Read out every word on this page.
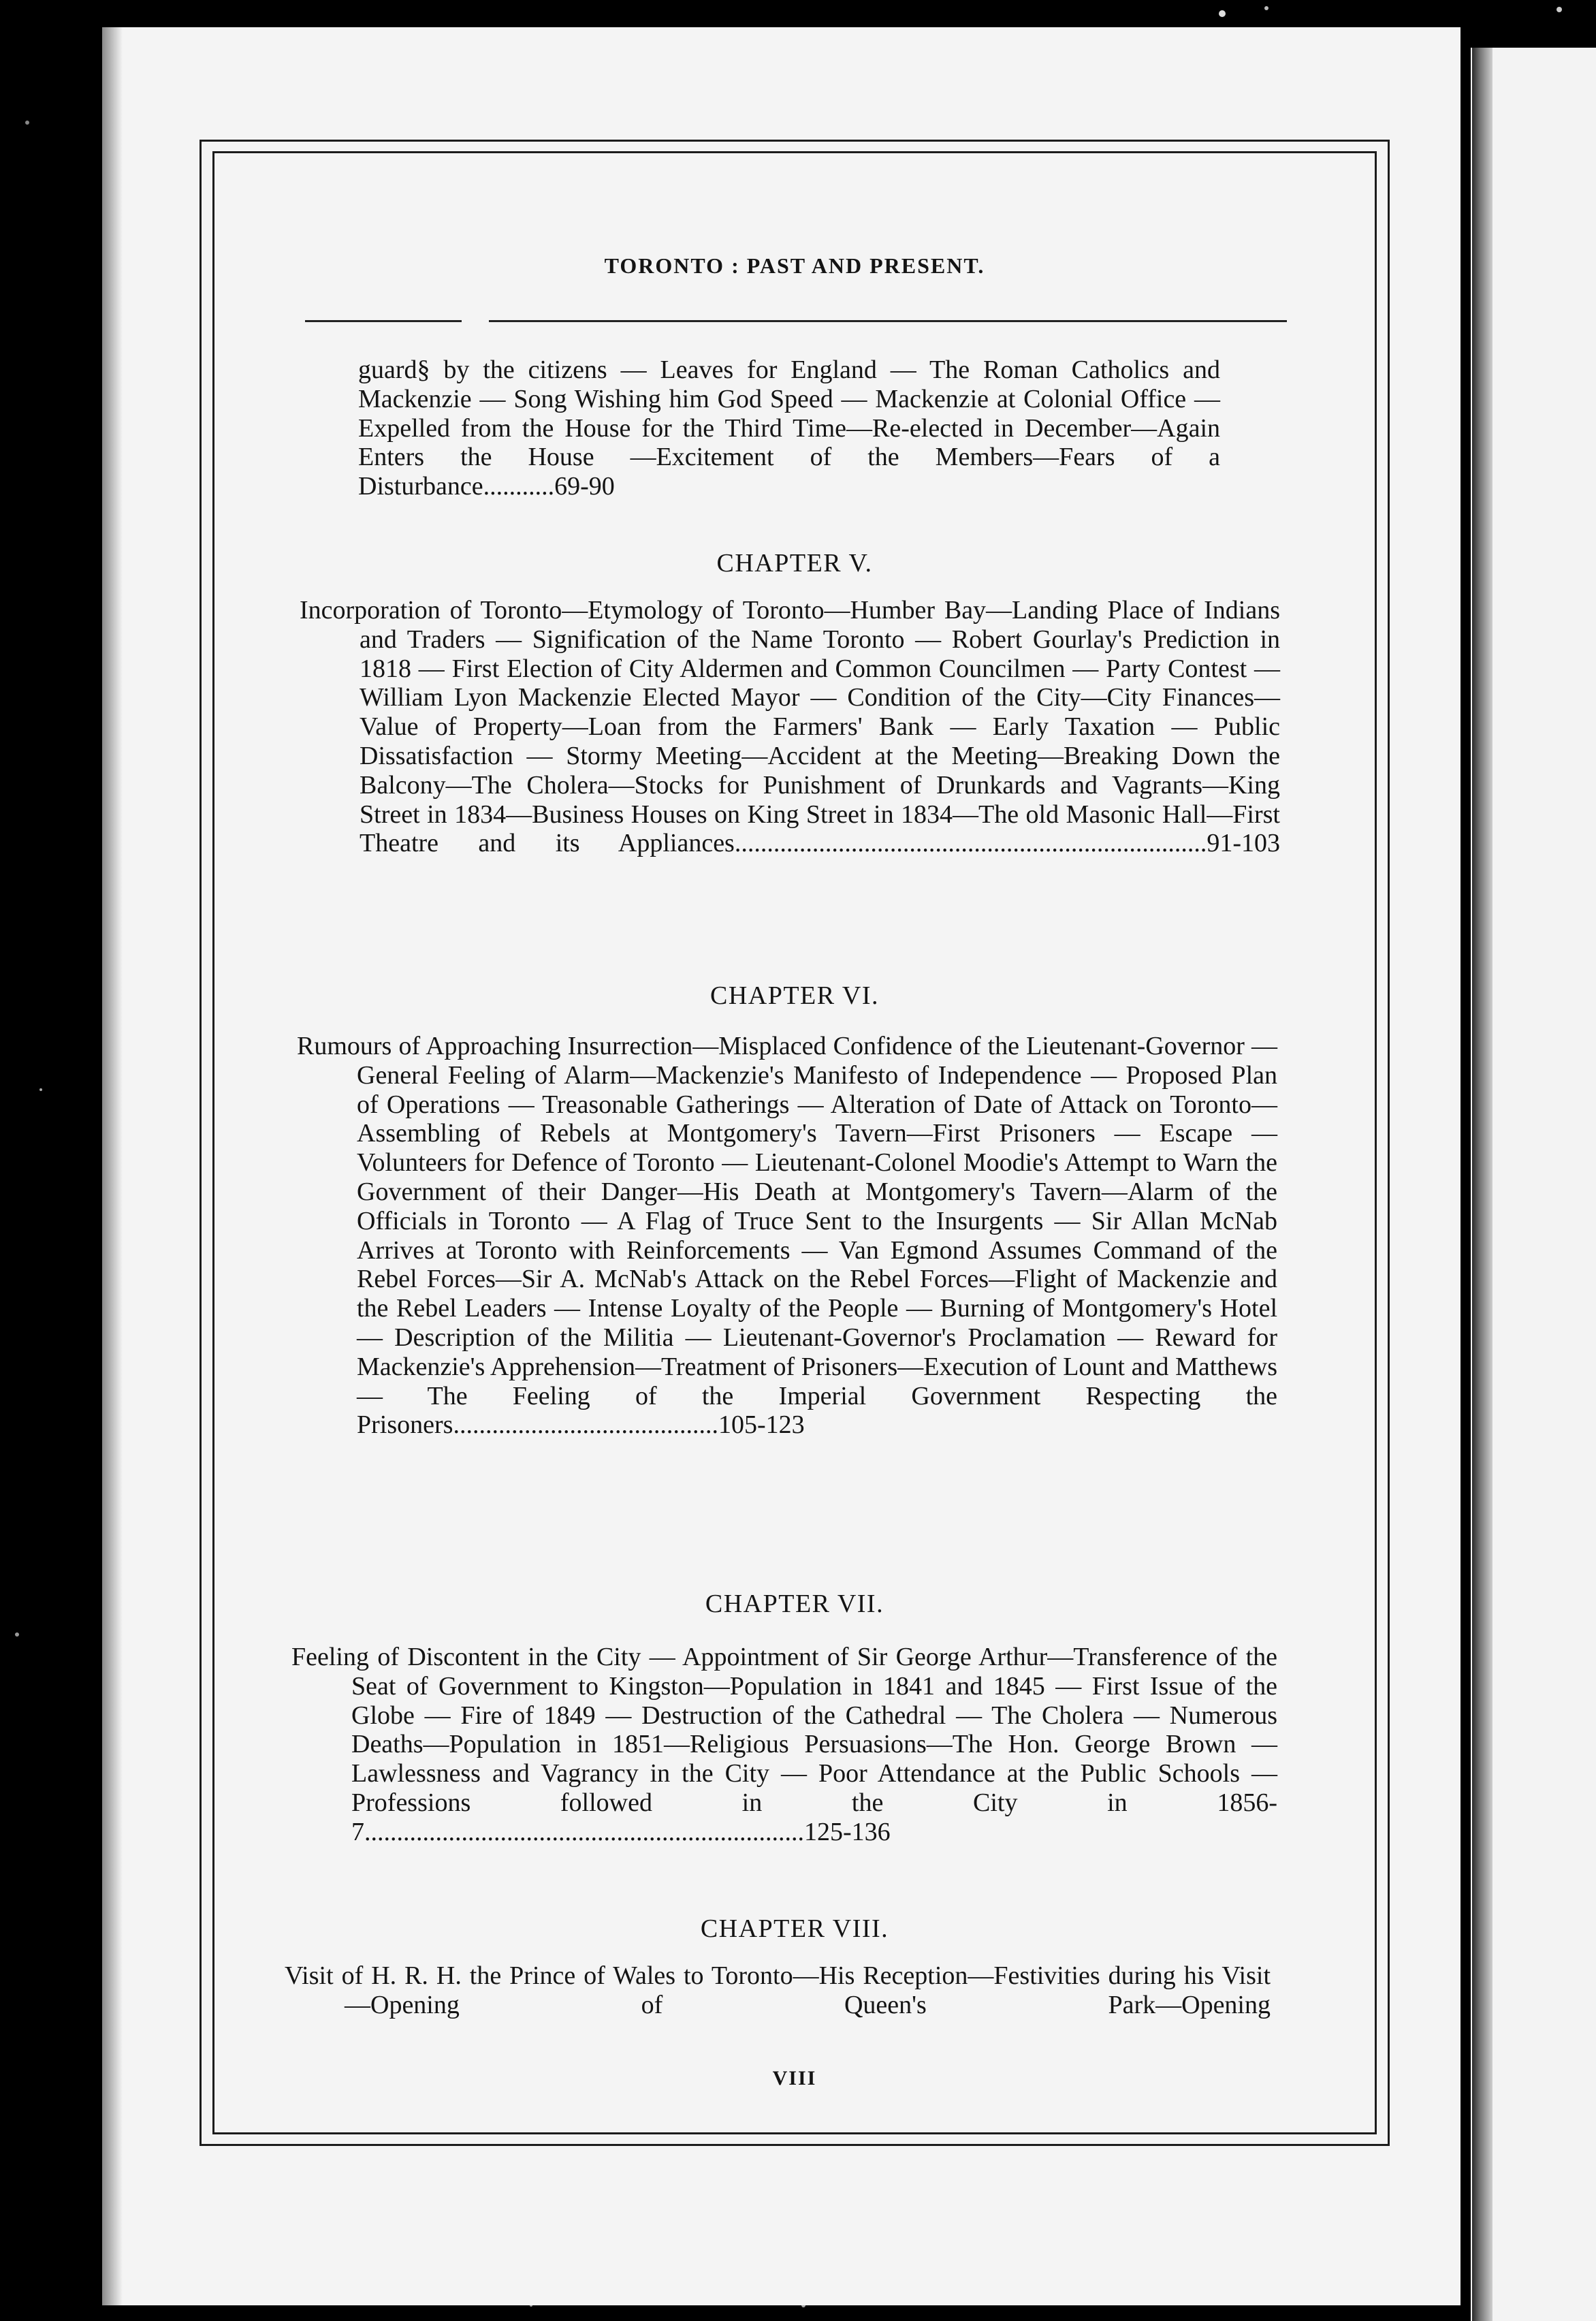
TORONTO : PAST AND PRESENT.

guard§ by the citizens — Leaves for England — The Roman Catholics and Mackenzie — Song Wishing him God Speed — Mackenzie at Colonial Office — Expelled from the House for the Third Time—Re-elected in December—Again Enters the House —Excitement of the Members—Fears of a Disturbance...........69-90

CHAPTER V.

Incorporation of Toronto—Etymology of Toronto—Humber Bay—Landing Place of Indians and Traders — Signification of the Name Toronto — Robert Gourlay's Prediction in 1818 — First Election of City Aldermen and Common Councilmen — Party Contest — William Lyon Mackenzie Elected Mayor — Condition of the City—City Finances—Value of Property—Loan from the Farmers' Bank — Early Taxation — Public Dissatisfaction — Stormy Meeting—Accident at the Meeting—Breaking Down the Balcony—The Cholera—Stocks for Punishment of Drunkards and Vagrants—King Street in 1834—Business Houses on King Street in 1834—The old Masonic Hall—First Theatre and its Appliances.........................................................................91-103

CHAPTER VI.

Rumours of Approaching Insurrection—Misplaced Confidence of the Lieutenant-Governor — General Feeling of Alarm—Mackenzie's Manifesto of Independence — Proposed Plan of Operations — Treasonable Gatherings — Alteration of Date of Attack on Toronto—Assembling of Rebels at Montgomery's Tavern—First Prisoners — Escape — Volunteers for Defence of Toronto — Lieutenant-Colonel Moodie's Attempt to Warn the Government of their Danger—His Death at Montgomery's Tavern—Alarm of the Officials in Toronto — A Flag of Truce Sent to the Insurgents — Sir Allan McNab Arrives at Toronto with Reinforcements — Van Egmond Assumes Command of the Rebel Forces—Sir A. McNab's Attack on the Rebel Forces—Flight of Mackenzie and the Rebel Leaders — Intense Loyalty of the People — Burning of Montgomery's Hotel — Description of the Militia — Lieutenant-Governor's Proclamation — Reward for Mackenzie's Apprehension—Treatment of Prisoners—Execution of Lount and Matthews — The Feeling of the Imperial Government Respecting the Prisoners.........................................105-123

CHAPTER VII.

Feeling of Discontent in the City — Appointment of Sir George Arthur—Transference of the Seat of Government to Kingston—Population in 1841 and 1845 — First Issue of the Globe — Fire of 1849 — Destruction of the Cathedral — The Cholera — Numerous Deaths—Population in 1851—Religious Persuasions—The Hon. George Brown — Lawlessness and Vagrancy in the City — Poor Attendance at the Public Schools — Professions followed in the City in 1856-7....................................................................125-136

CHAPTER VIII.

Visit of H. R. H. the Prince of Wales to Toronto—His Reception—Festivities during his Visit—Opening of Queen's Park—Opening

VIII
